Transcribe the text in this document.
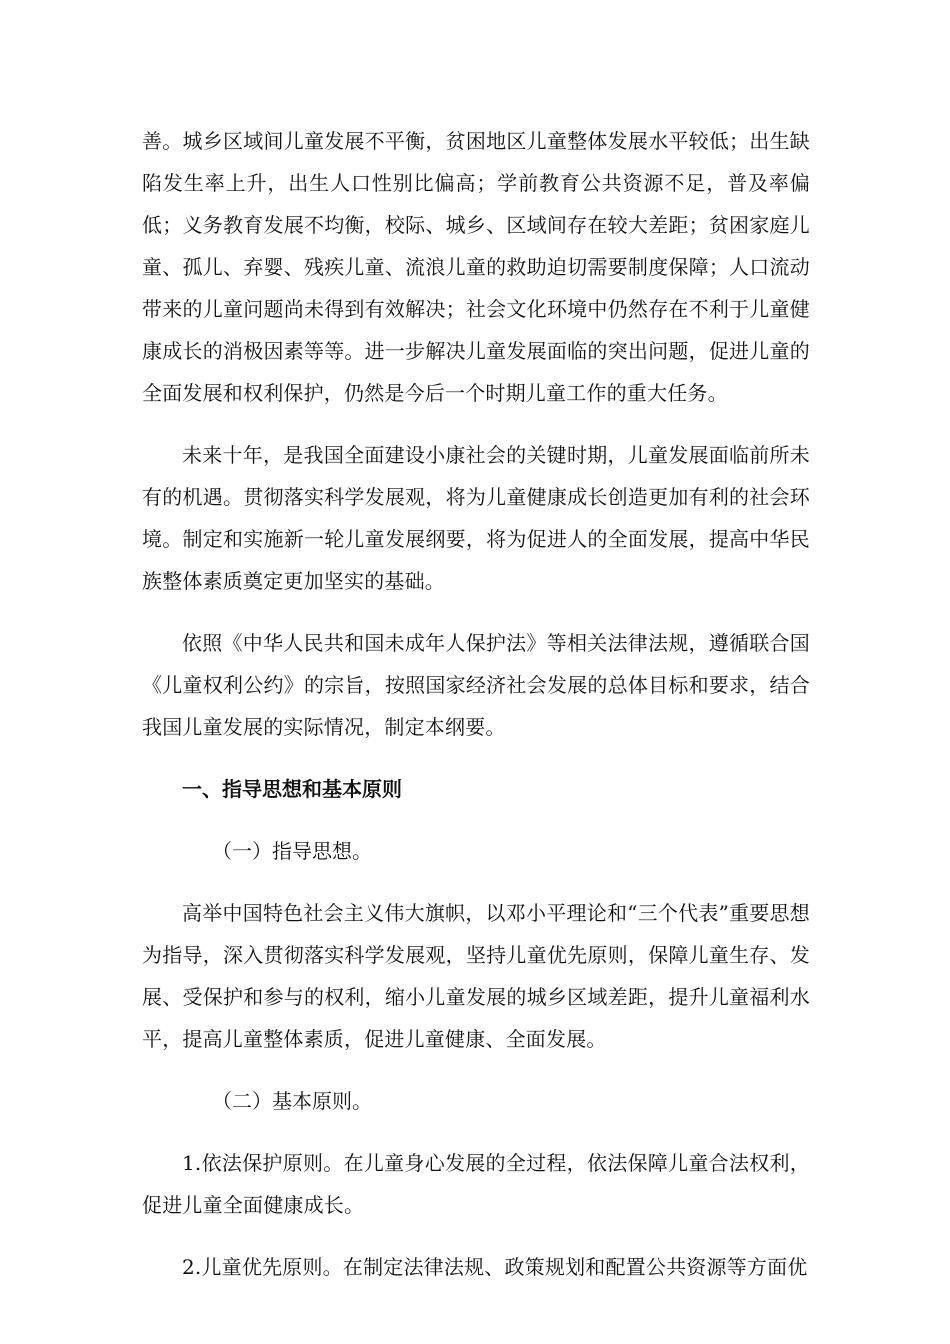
善。城乡区域间儿童发展不平衡，贫困地区儿童整体发展水平较低；出生缺陷发生率上升，出生人口性别比偏高；学前教育公共资源不足，普及率偏低；义务教育发展不均衡，校际、城乡、区域间存在较大差距；贫困家庭儿童、孤儿、弃婴、残疾儿童、流浪儿童的救助迫切需要制度保障；人口流动带来的儿童问题尚未得到有效解决；社会文化环境中仍然存在不利于儿童健康成长的消极因素等等。进一步解决儿童发展面临的突出问题，促进儿童的全面发展和权利保护，仍然是今后一个时期儿童工作的重大任务。

未来十年，是我国全面建设小康社会的关键时期，儿童发展面临前所未有的机遇。贯彻落实科学发展观，将为儿童健康成长创造更加有利的社会环境。制定和实施新一轮儿童发展纲要，将为促进人的全面发展，提高中华民族整体素质奠定更加坚实的基础。

依照《中华人民共和国未成年人保护法》等相关法律法规，遵循联合国《儿童权利公约》的宗旨，按照国家经济社会发展的总体目标和要求，结合我国儿童发展的实际情况，制定本纲要。

一、指导思想和基本原则

（一）指导思想。

高举中国特色社会主义伟大旗帜，以邓小平理论和“三个代表”重要思想为指导，深入贯彻落实科学发展观，坚持儿童优先原则，保障儿童生存、发展、受保护和参与的权利，缩小儿童发展的城乡区域差距，提升儿童福利水平，提高儿童整体素质，促进儿童健康、全面发展。

（二）基本原则。

1.依法保护原则。在儿童身心发展的全过程，依法保障儿童合法权利，促进儿童全面健康成长。

2.儿童优先原则。在制定法律法规、政策规划和配置公共资源等方面优
